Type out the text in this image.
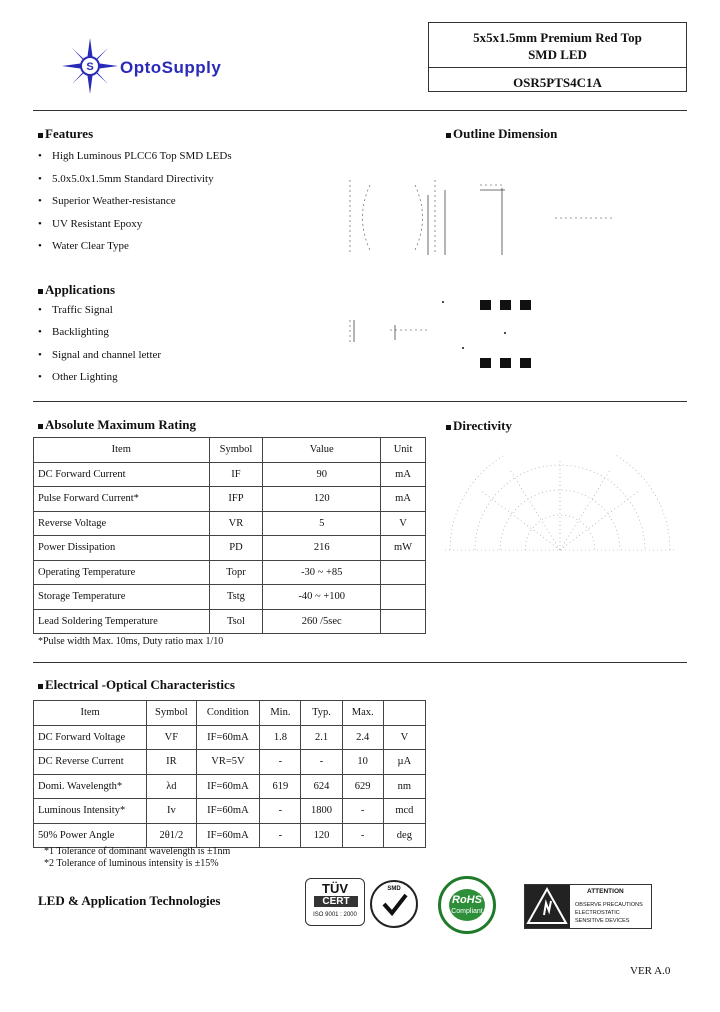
S OptoSupply
5x5x1.5mm Premium Red Top SMD LED
OSR5PTS4C1A
Features
• High Luminous PLCC6 Top SMD LEDs
• 5.0x5.0x1.5mm Standard Directivity
• Superior Weather-resistance
• UV Resistant Epoxy
• Water Clear Type
Applications
• Traffic Signal
• Backlighting
• Signal and channel letter
• Other Lighting
Outline Dimension
Directivity
Absolute Maximum Rating
Item	Symbol	Value	Unit
DC Forward Current	IF	90	mA
Pulse Forward Current*	IFP	120	mA
Reverse Voltage	VR	5	V
Power Dissipation	PD	216	mW
Operating Temperature	Topr	-30 ~ +85	
Storage Temperature	Tstg	-40 ~ +100	
Lead Soldering Temperature	Tsol	260 /5sec	
*Pulse width Max. 10ms, Duty ratio max 1/10
Electrical -Optical Characteristics
Item	Symbol	Condition	Min.	Typ.	Max.	
DC Forward Voltage	VF	IF=60mA	1.8	2.1	2.4	V
DC Reverse Current	IR	VR=5V	-	-	10	µA
Domi. Wavelength*	λd	IF=60mA	619	624	629	nm
Luminous Intensity*	Iv	IF=60mA	-	1800	-	mcd
50% Power Angle	2θ1/2	IF=60mA	-	120	-	deg
*1 Tolerance of dominant wavelength is ±1nm
*2 Tolerance of luminous intensity is ±15%
LED & Application Technologies
TÜV
CERT
ISO 9001 : 2000
SMD
RoHS
Compliant
ATTENTION
OBSERVE PRECAUTIONS
ELECTROSTATIC
SENSITIVE DEVICES
VER A.0
